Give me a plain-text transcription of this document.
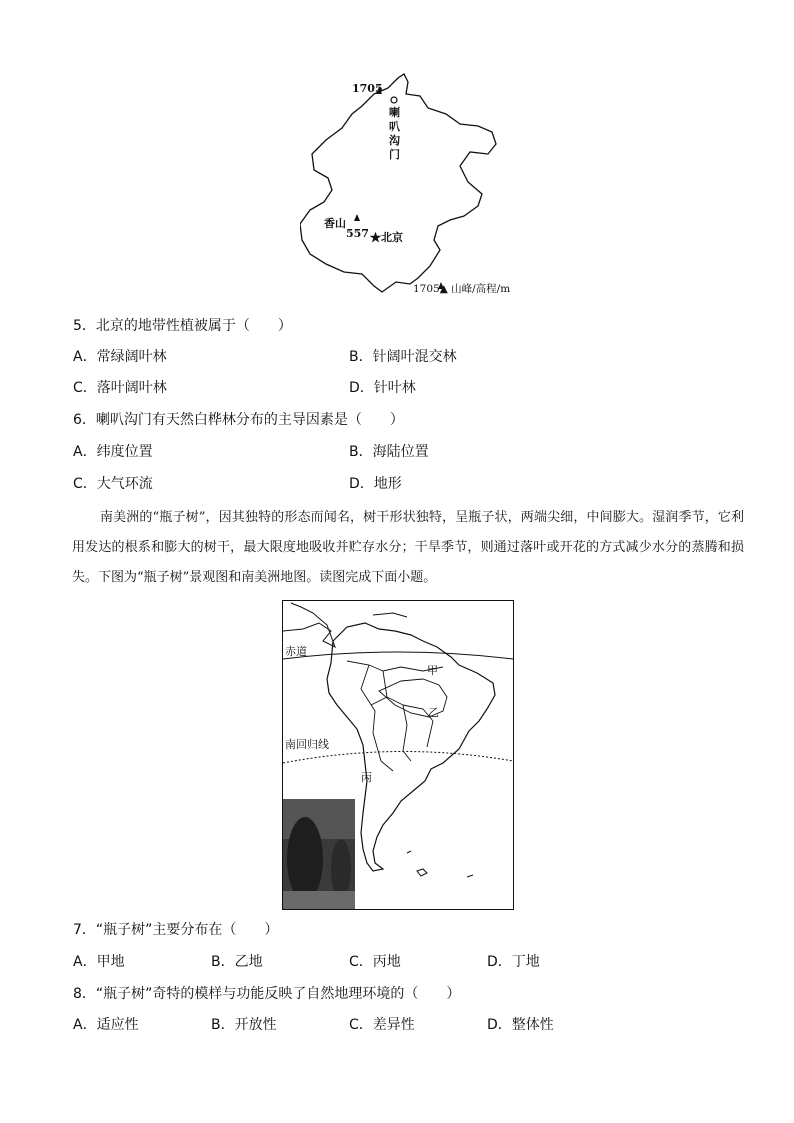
1705
喇叭沟门
香山
557 ★北京
1705▲ 山峰/高程/m
5．北京的地带性植被属于（　　）
A．常绿阔叶林	B．针阔叶混交林
C．落叶阔叶林	D．针叶林
6．喇叭沟门有天然白桦林分布的主导因素是（　　）
A．纬度位置	B．海陆位置
C．大气环流	D．地形
南美洲的“瓶子树”，因其独特的形态而闻名，树干形状独特，呈瓶子状，两端尖细，中间膨大。湿润季节，它利用发达的根系和膨大的树干，最大限度地吸收并贮存水分；干旱季节，则通过落叶或开花的方式减少水分的蒸腾和损失。下图为“瓶子树”景观图和南美洲地图。读图完成下面小题。
赤道
南回归线
甲
乙
丙
7．“瓶子树”主要分布在（　　）
A．甲地	B．乙地	C．丙地	D．丁地
8．“瓶子树”奇特的模样与功能反映了自然地理环境的（　　）
A．适应性	B．开放性	C．差异性	D．整体性
